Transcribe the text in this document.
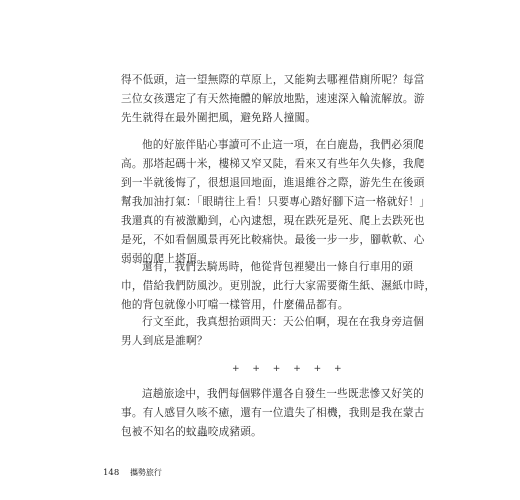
得不低頭，這一望無際的草原上，又能夠去哪裡借廁所呢？每當
三位女孩選定了有天然掩體的解放地點，速速深入輪流解放。游
先生就得在最外圍把風，避免路人撞闖。

他的好旅伴貼心事讀可不止這一項，在白鹿島，我們必須爬
高。那塔起碼十米，樓梯又窄又陡，看來又有些年久失修，我爬
到一半就後悔了，很想退回地面，進退維谷之際，游先生在後頭
幫我加油打氣：「眼睛往上看！只要專心踏好腳下這一格就好！」
我還真的有被激勵到，心內逮想，現在跌死是死、爬上去跌死也
是死，不如看個風景再死比較痛快。最後一步一步，腳軟軟、心
弱弱的爬上塔頂。

還有，我們去騎馬時，他從背包裡變出一條自行車用的頭
巾，借給我們防風沙。更別說，此行大家需要衛生紙、濕紙巾時，
他的背包就像小叮噹一樣管用，什麼備品都有。

行文至此，我真想抬頭問天：天公伯啊，現在在我身旁這個
男人到底是誰啊？

+ + + + + +

這趟旅途中，我們每個夥伴還各自發生一些既悲慘又好笑的
事。有人感冒久咳不癒，還有一位遺失了相機，我則是我在蒙古
包被不知名的蚊蟲咬成豬頭。

148 攜勢旅行
